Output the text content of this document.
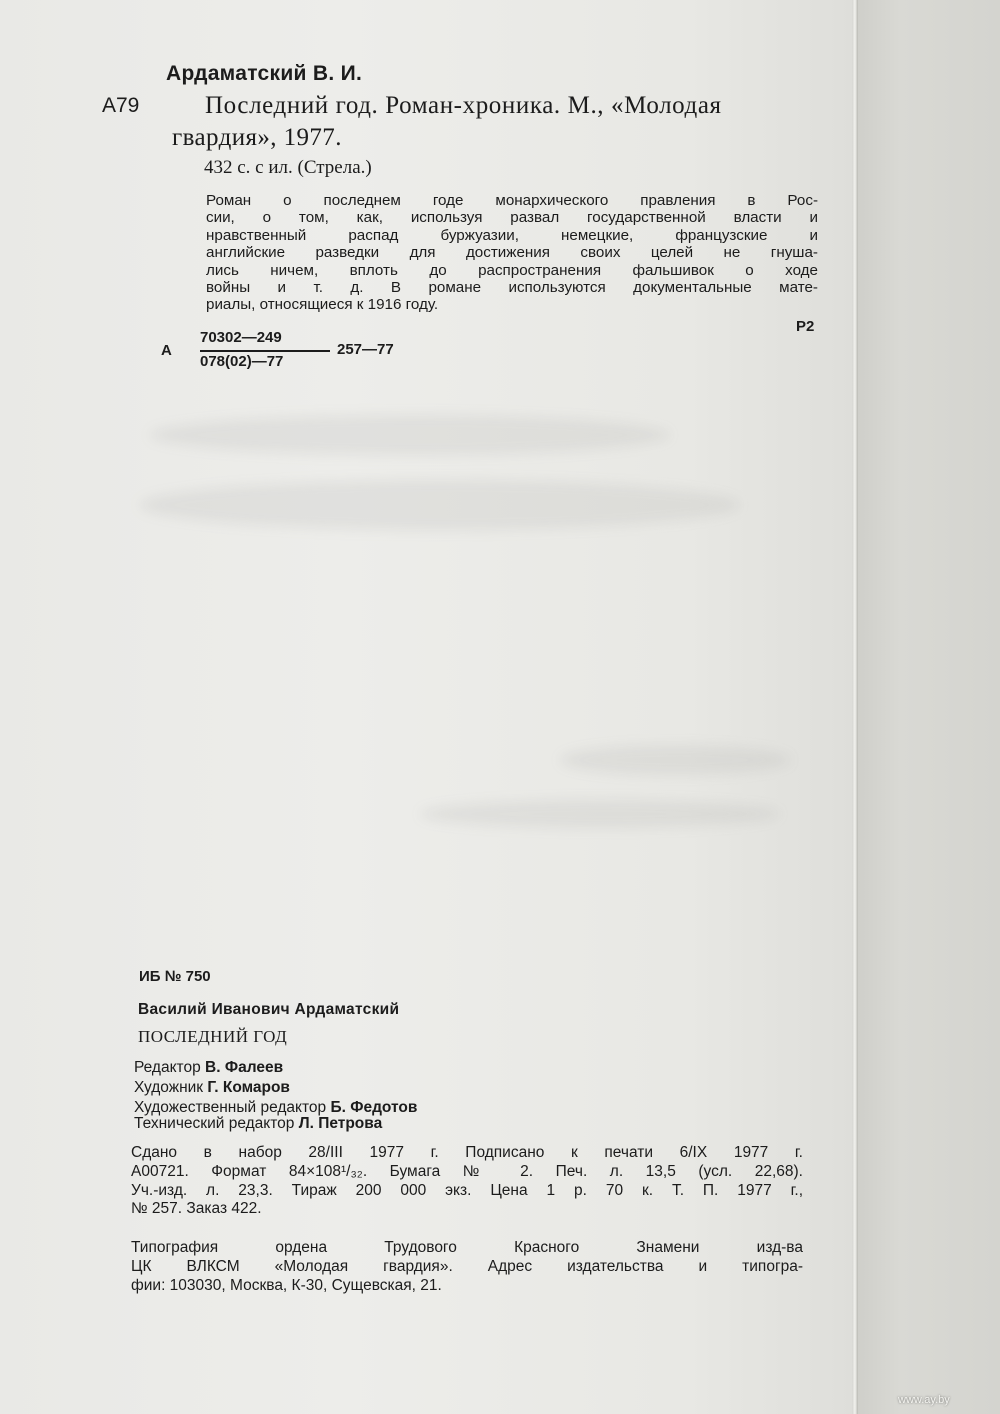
Ардаматский В. И.

А79	Последний год. Роман-хроника. М., «Молодая

гвардия», 1977.

432 с. с ил. (Стрела.)

Роман о последнем годе монархического правления в Рос-
сии, о том, как, используя развал государственной власти и
нравственный распад буржуазии, немецкие, французские и
английские разведки для достижения своих целей не гнуша-
лись ничем, вплоть до распространения фальшивок о ходе
войны и т. д. В романе используются документальные мате-
риалы, относящиеся к 1916 году.

Р2

А

70302—249

078(02)—77

257—77

ИБ № 750

Василий Иванович Ардаматский

ПОСЛЕДНИЙ ГОД

Редактор В. Фалеев

Художник Г. Комаров

Художественный редактор Б. Федотов

Технический редактор Л. Петрова

Сдано в набор 28/III 1977 г. Подписано к печати 6/IX 1977 г.
А00721. Формат 84×108¹/₃₂. Бумага № 2. Печ. л. 13,5 (усл. 22,68).
Уч.-изд. л. 23,3. Тираж 200 000 экз. Цена 1 р. 70 к. Т. П. 1977 г.,
№ 257. Заказ 422.
Типография ордена Трудового Красного Знамени изд-ва
ЦК ВЛКСМ «Молодая гвардия». Адрес издательства и типогра-
фии: 103030, Москва, К-30, Сущевская, 21.

www.ay.by
